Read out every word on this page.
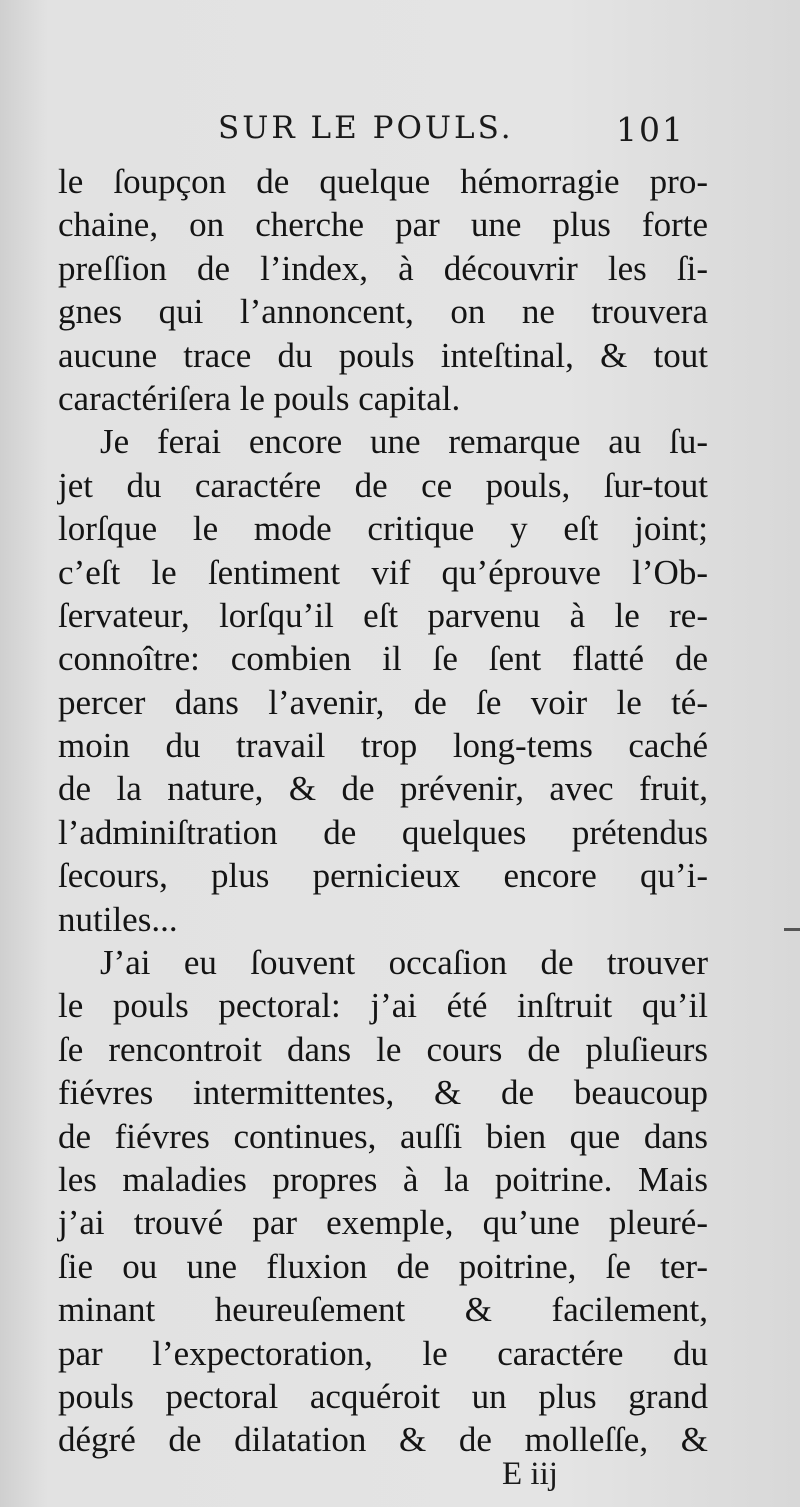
SUR LE POULS.	101
le ſoupçon de quelque hémorragie pro-
chaine, on cherche par une plus forte
preſſion de l’index, à découvrir les ſi-
gnes qui l’annoncent, on ne trouvera
aucune trace du pouls inteſtinal, & tout
caractériſera le pouls capital.
Je ferai encore une remarque au ſu-
jet du caractére de ce pouls, ſur-tout
lorſque le mode critique y eſt joint;
c’eſt le ſentiment vif qu’éprouve l’Ob-
ſervateur, lorſqu’il eſt parvenu à le re-
connoître: combien il ſe ſent flatté de
percer dans l’avenir, de ſe voir le té-
moin du travail trop long-tems caché
de la nature, & de prévenir, avec fruit,
l’adminiſtration de quelques prétendus
ſecours, plus pernicieux encore qu’i-
nutiles...
J’ai eu ſouvent occaſion de trouver
le pouls pectoral: j’ai été inſtruit qu’il
ſe rencontroit dans le cours de pluſieurs
fiévres intermittentes, & de beaucoup
de fiévres continues, auſſi bien que dans
les maladies propres à la poitrine. Mais
j’ai trouvé par exemple, qu’une pleuré-
ſie ou une fluxion de poitrine, ſe ter-
minant heureuſement & facilement,
par l’expectoration, le caractére du
pouls pectoral acquéroit un plus grand
dégré de dilatation & de molleſſe, &
E iij
